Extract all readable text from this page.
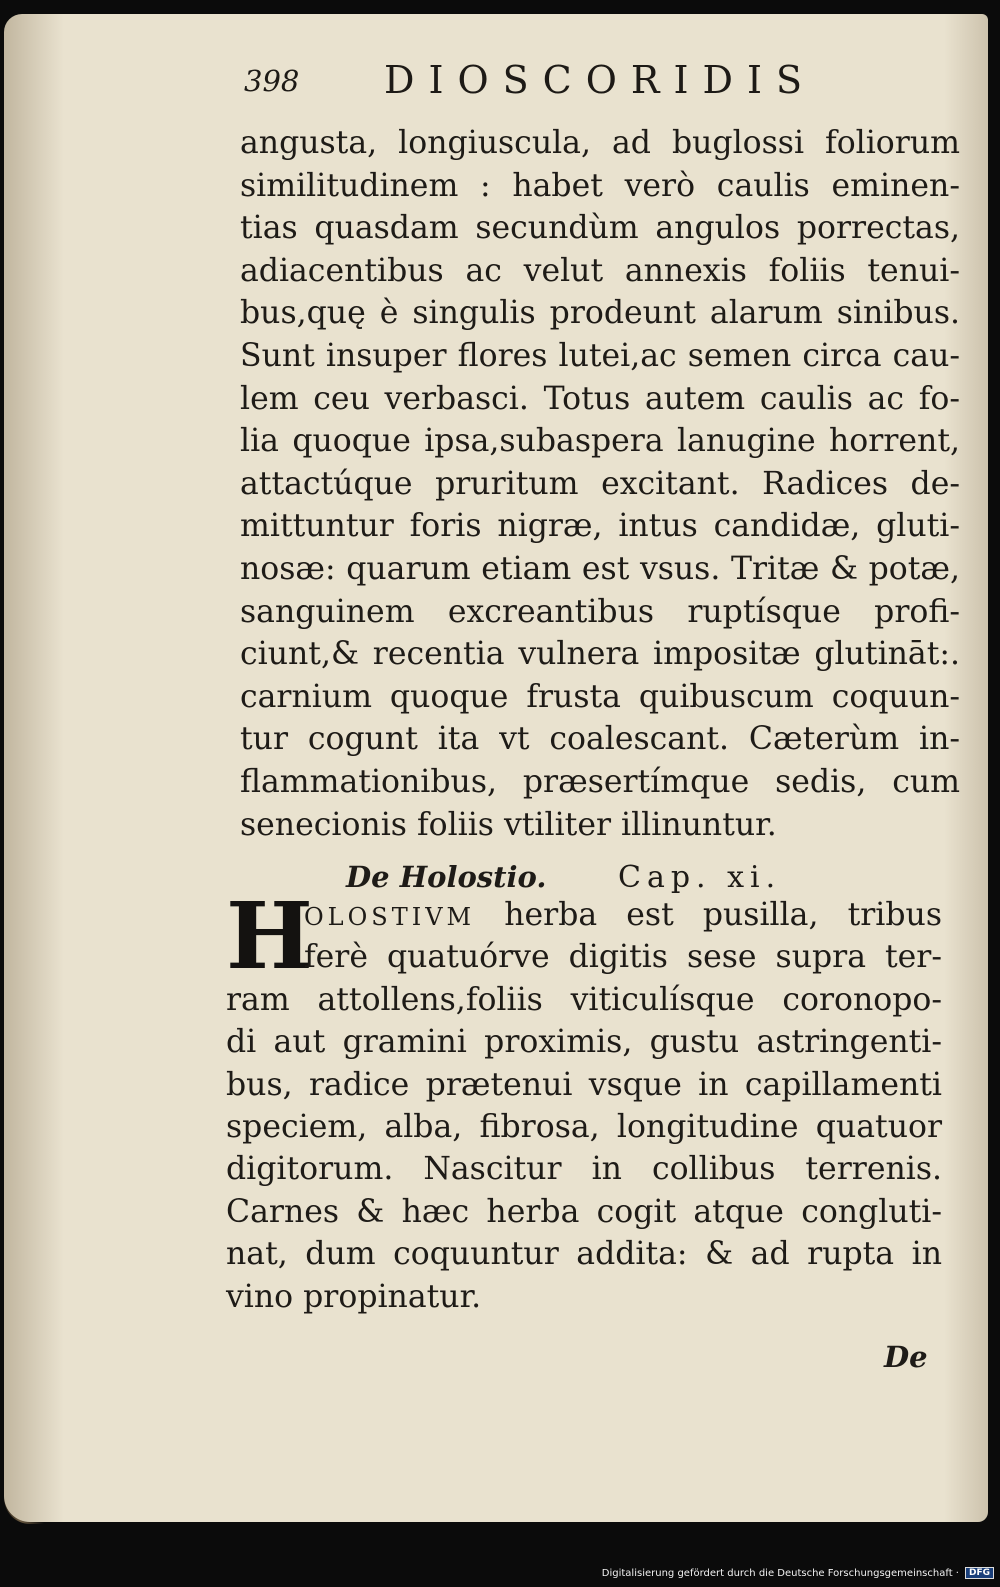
398 DIOSCORIDIS
angusta, longiuscula, ad buglossi foliorum
similitudinem : habet verò caulis eminen-
tias quasdam secundùm angulos porrectas,
adiacentibus ac velut annexis foliis tenui-
bus,quę è singulis prodeunt alarum sinibus.
Sunt insuper flores lutei,ac semen circa cau-
lem ceu verbasci. Totus autem caulis ac fo-
lia quoque ipsa,subaspera lanugine horrent,
attactúque pruritum excitant. Radices de-
mittuntur foris nigræ, intus candidæ, gluti-
nosæ: quarum etiam est vsus. Tritæ & potæ,
sanguinem excreantibus ruptísque profi-
ciunt,& recentia vulnera impositæ glutināt:.
carnium quoque frusta quibuscum coquun-
tur cogunt ita vt coalescant. Cæterùm in-
flammationibus, præsertímque sedis, cum
senecionis foliis vtiliter illinuntur.
De Holostio. Cap. xi.
H
OLOSTIVM herba est pusilla, tribus
ferè quatuórve digitis sese supra ter-
ram attollens,foliis viticulísque coronopo-
di aut gramini proximis, gustu astringenti-
bus, radice prætenui vsque in capillamenti
speciem, alba, fibrosa, longitudine quatuor
digitorum. Nascitur in collibus terrenis.
Carnes & hæc herba cogit atque congluti-
nat, dum coquuntur addita: & ad rupta in
vino propinatur.
De
Digitalisierung gefördert durch die Deutsche Forschungsgemeinschaft ·	DFG
